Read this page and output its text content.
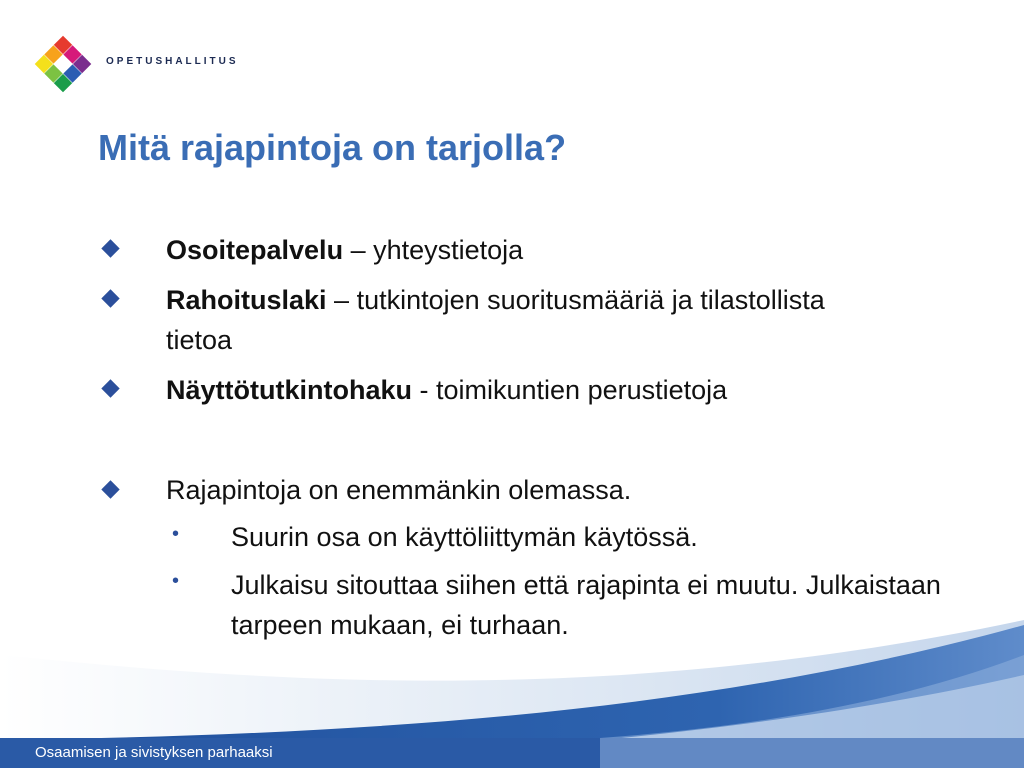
OPETUSHALLITUS
Mitä rajapintoja on tarjolla?
Osoitepalvelu – yhteystietoja
Rahoituslaki – tutkintojen suoritusmääriä ja tilastollista tietoa
Näyttötutkintohaku - toimikuntien perustietoja
Rajapintoja on enemmänkin olemassa.
• Suurin osa on käyttöliittymän käytössä.
• Julkaisu sitouttaa siihen että rajapinta ei muutu. Julkaistaan tarpeen mukaan, ei turhaan.
Osaamisen ja sivistyksen parhaaksi
